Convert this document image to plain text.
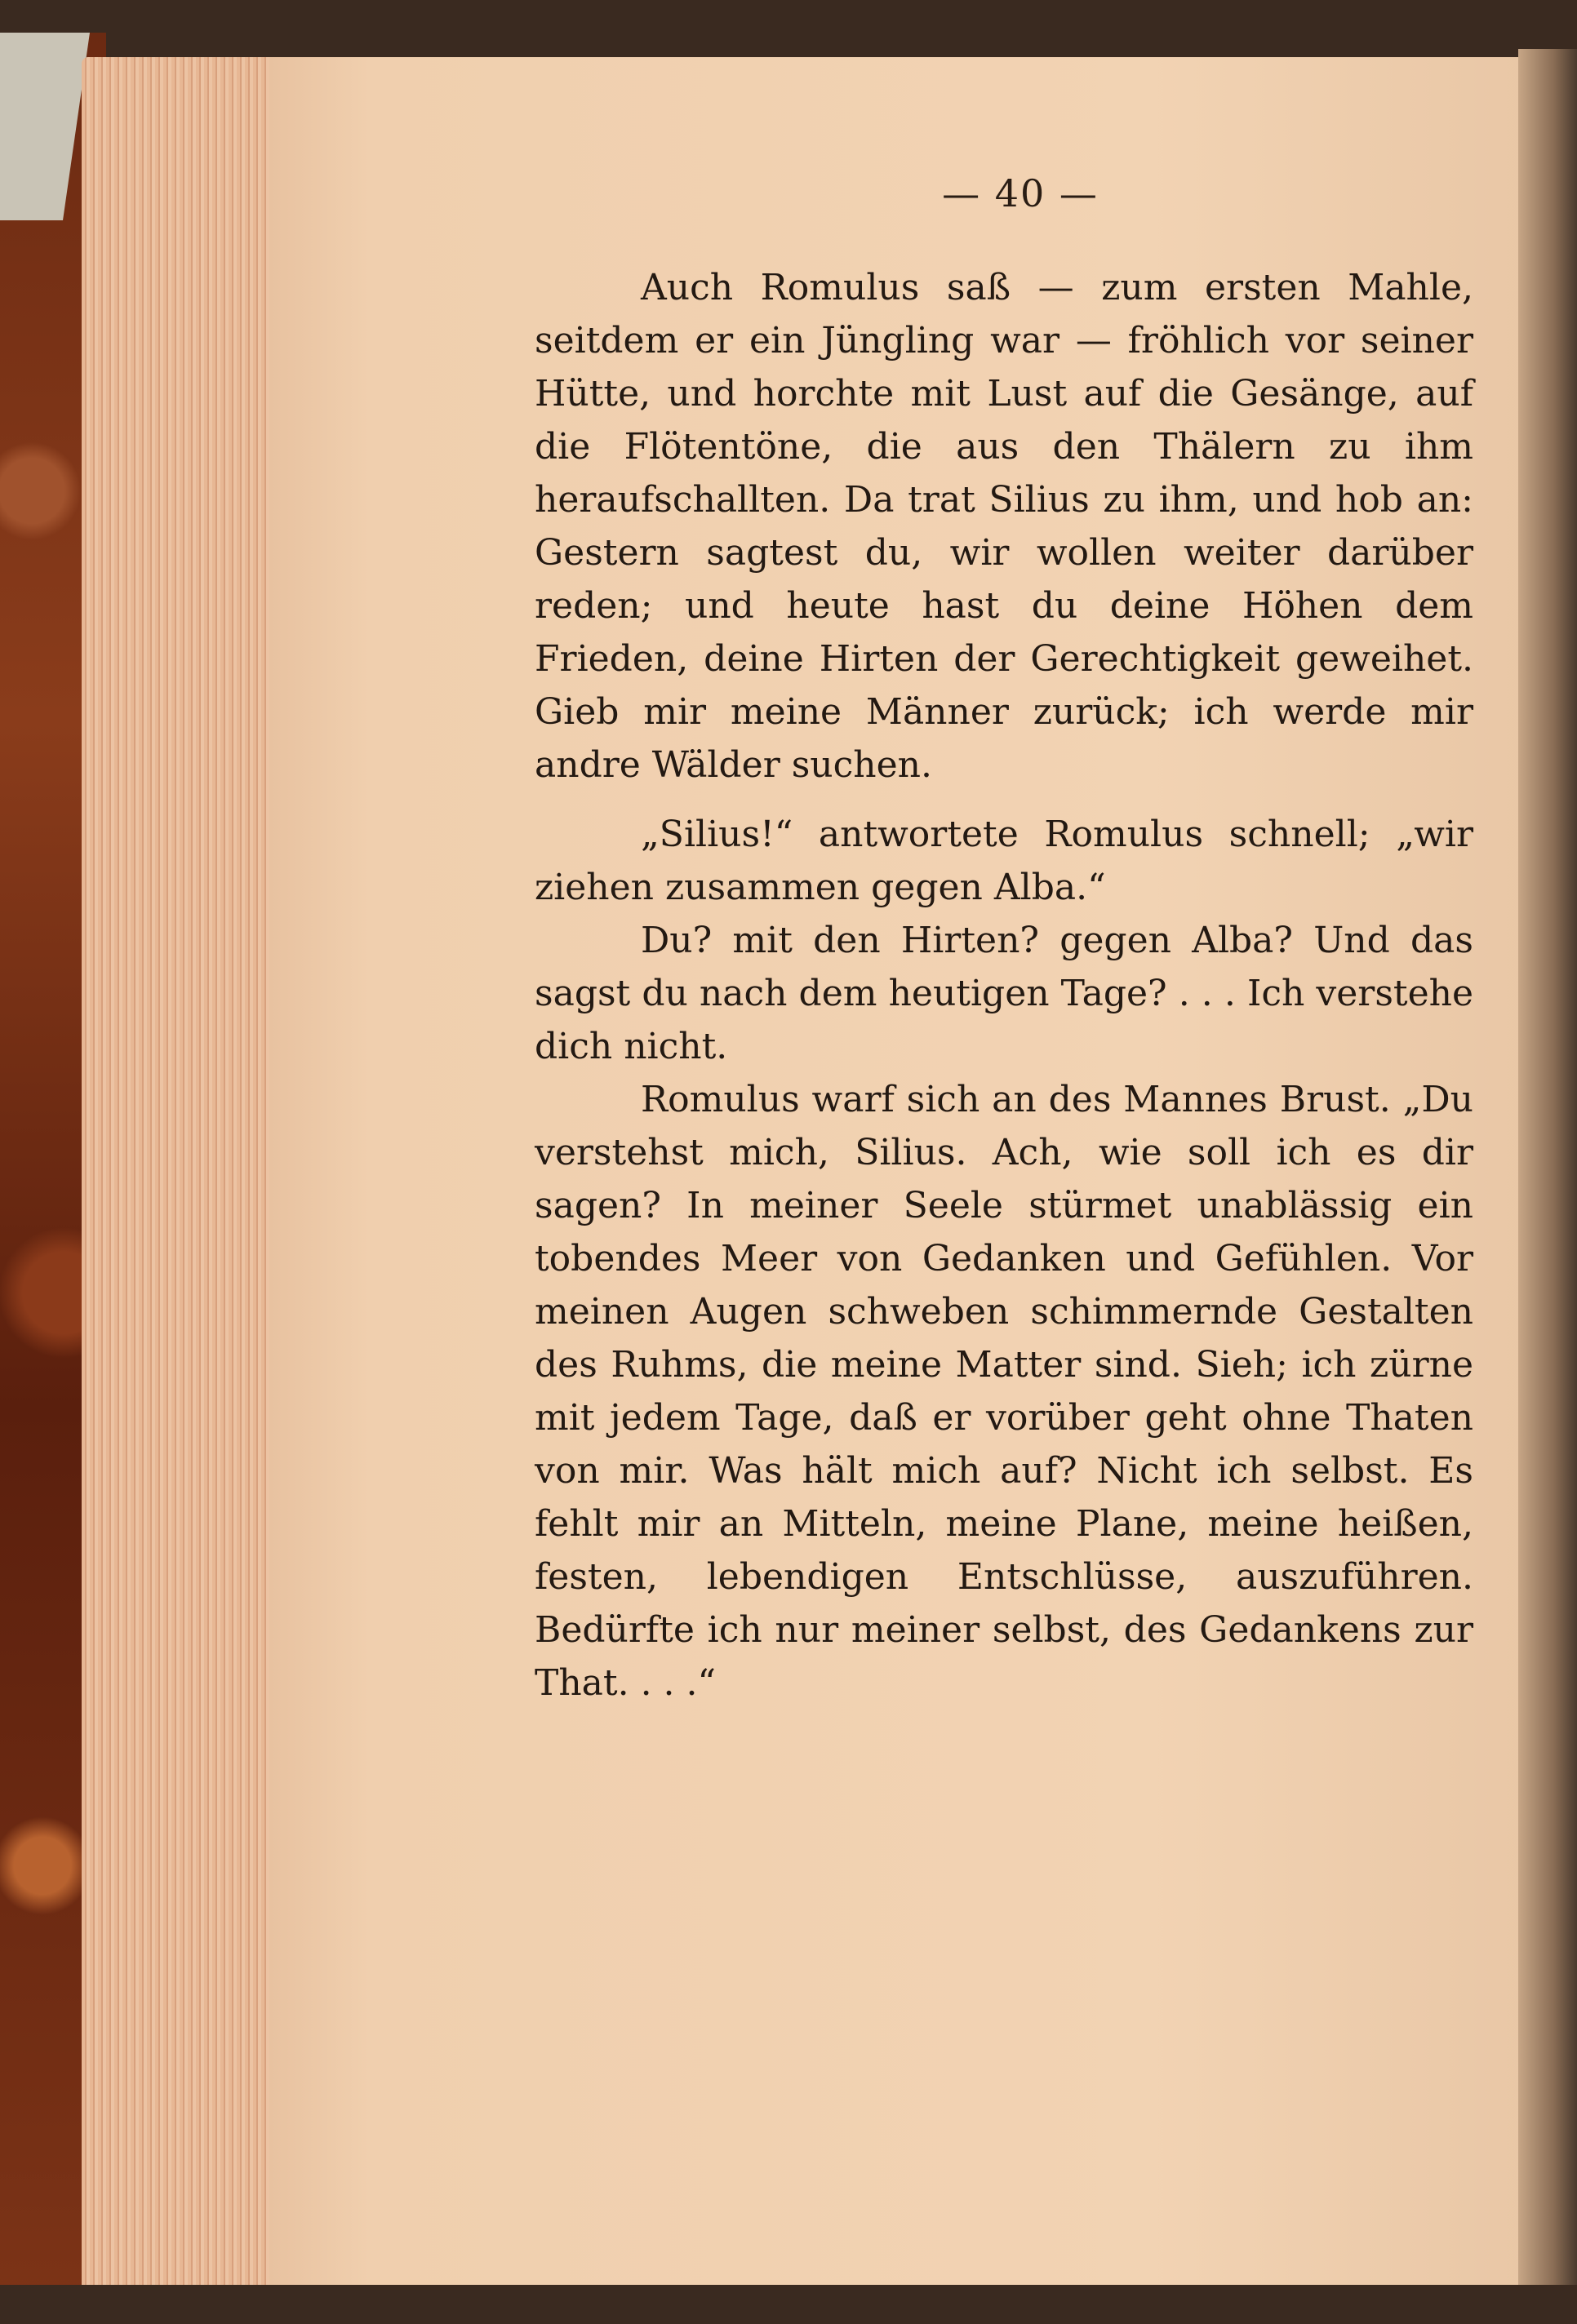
— 40 —

Auch Romulus saß — zum ersten Mahle, seitdem er ein Jüngling war — fröhlich vor seiner Hütte, und horchte mit Lust auf die Gesänge, auf die Flötentöne, die aus den Thälern zu ihm heraufschallten. Da trat Silius zu ihm, und hob an: Gestern sagtest du, wir wollen weiter darüber reden; und heute hast du deine Höhen dem Frieden, deine Hirten der Gerechtigkeit geweihet. Gieb mir meine Männer zurück; ich werde mir andre Wälder suchen.

„Silius!“ antwortete Romulus schnell; „wir ziehen zusammen gegen Alba.“

Du? mit den Hirten? gegen Alba? Und das sagst du nach dem heutigen Tage? . . . Ich verstehe dich nicht.

Romulus warf sich an des Mannes Brust. „Du verstehst mich, Silius. Ach, wie soll ich es dir sagen? In meiner Seele stürmet unablässig ein tobendes Meer von Gedanken und Gefühlen. Vor meinen Augen schweben schimmernde Gestalten des Ruhms, die meine Matter sind. Sieh; ich zürne mit jedem Tage, daß er vorüber geht ohne Thaten von mir. Was hält mich auf? Nicht ich selbst. Es fehlt mir an Mitteln, meine Plane, meine heißen, festen, lebendigen Entschlüsse, auszuführen. Bedürfte ich nur meiner selbst, des Gedankens zur That. . . .“
